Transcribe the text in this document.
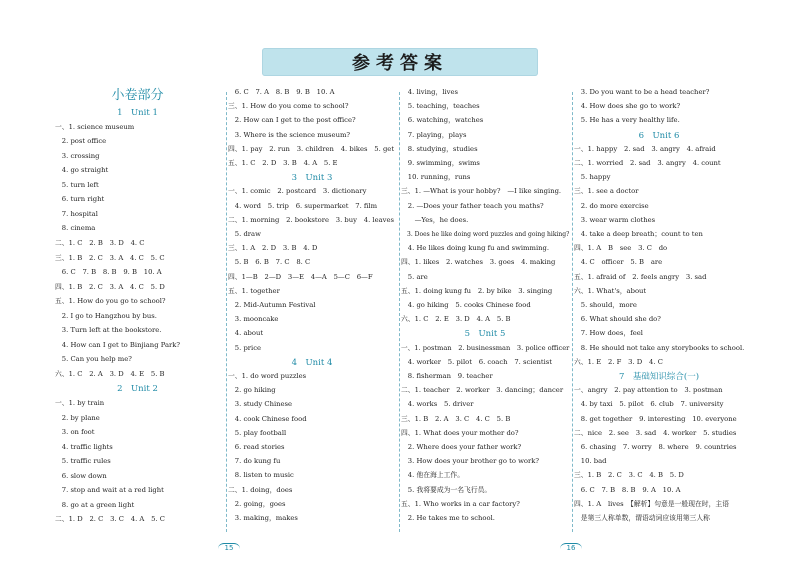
参考答案
小卷部分
1　Unit 1
一、1. science museum
　2. post office
　3. crossing
　4. go straight
　5. turn left
　6. turn right
　7. hospital
　8. cinema
二、1. C　2. B　3. D　4. C
三、1. B　2. C　3. A　4. C　5. C
　6. C　7. B　8. B　9. B　10. A
四、1. B　2. C　3. A　4. C　5. D
五、1. How do you go to school?
　2. I go to Hangzhou by bus.
　3. Turn left at the bookstore.
　4. How can I get to Binjiang Park?
　5. Can you help me?
六、1. C　2. A　3. D　4. E　5. B
2　Unit 2
一、1. by train
　2. by plane
　3. on foot
　4. traffic lights
　5. traffic rules
　6. slow down
　7. stop and wait at a red light
　8. go at a green light
二、1. D　2. C　3. C　4. A　5. C
　6. C　7. A　8. B　9. B　10. A
三、1. How do you come to school?
　2. How can I get to the post office?
　3. Where is the science museum?
四、1. pay　2. run　3. children　4. bikes　5. get
五、1. C　2. D　3. B　4. A　5. E
3　Unit 3
一、1. comic　2. postcard　3. dictionary
　4. word　5. trip　6. supermarket　7. film
二、1. morning　2. bookstore　3. buy　4. leaves
　5. draw
三、1. A　2. D　3. B　4. D
　5. B　6. B　7. C　8. C
四、1—B　2—D　3—E　4—A　5—C　6—F
五、1. together
　2. Mid-Autumn Festival
　3. mooncake
　4. about
　5. price
4　Unit 4
一、1. do word puzzles
　2. go hiking
　3. study Chinese
　4. cook Chinese food
　5. play football
　6. read stories
　7. do kung fu
　8. listen to music
二、1. doing，does
　2. going，goes
　3. making，makes
　4. living，lives
　5. teaching，teaches
　6. watching，watches
　7. playing，plays
　8. studying，studies
　9. swimming，swims
　10. running，runs
三、1. —What is your hobby?　—I like singing.
　2. —Does your father teach you maths?
　　—Yes，he does.
　3. Does he like doing word puzzles and going hiking?
　4. He likes doing kung fu and swimming.
四、1. likes　2. watches　3. goes　4. making
　5. are
五、1. doing kung fu　2. by bike　3. singing
　4. go hiking　5. cooks Chinese food
六、1. C　2. E　3. D　4. A　5. B
5　Unit 5
一、1. postman　2. businessman　3. police officer
　4. worker　5. pilot　6. coach　7. scientist
　8. fisherman　9. teacher
二、1. teacher　2. worker　3. dancing；dancer
　4. works　5. driver
三、1. B　2. A　3. C　4. C　5. B
四、1. What does your mother do?
　2. Where does your father work?
　3. How does your brother go to work?
　4. 他在海上工作。
　5. 我将要成为一名飞行员。
五、1. Who works in a car factory?
　2. He takes me to school.
　3. Do you want to be a head teacher?
　4. How does she go to work?
　5. He has a very healthy life.
6　Unit 6
一、1. happy　2. sad　3. angry　4. afraid
二、1. worried　2. sad　3. angry　4. count
　5. happy
三、1. see a doctor
　2. do more exercise
　3. wear warm clothes
　4. take a deep breath；count to ten
四、1. A　B　see　3. C　do
　4. C　officer　5. B　are
五、1. afraid of　2. feels angry　3. sad
六、1. What's，about
　5. should，more
　6. What should she do?
　7. How does，feel
　8. He should not take any storybooks to school.
六、1. E　2. F　3. D　4. C
7　基础知识综合(一)
一、angry　2. pay attention to　3. postman
　4. by taxi　5. pilot　6. club　7. university
　8. get together　9. interesting　10. everyone
二、nice　2. see　3. sad　4. worker　5. studies
　6. chasing　7. worry　8. where　9. countries
　10. bad
三、1. B　2. C　3. C　4. B　5. D
　6. C　7. B　8. B　9. A　10. A
四、1. A　lives　【解析】句意是一般现在时，主语
　是第三人称单数，谓语动词应该用第三人称
15	16
